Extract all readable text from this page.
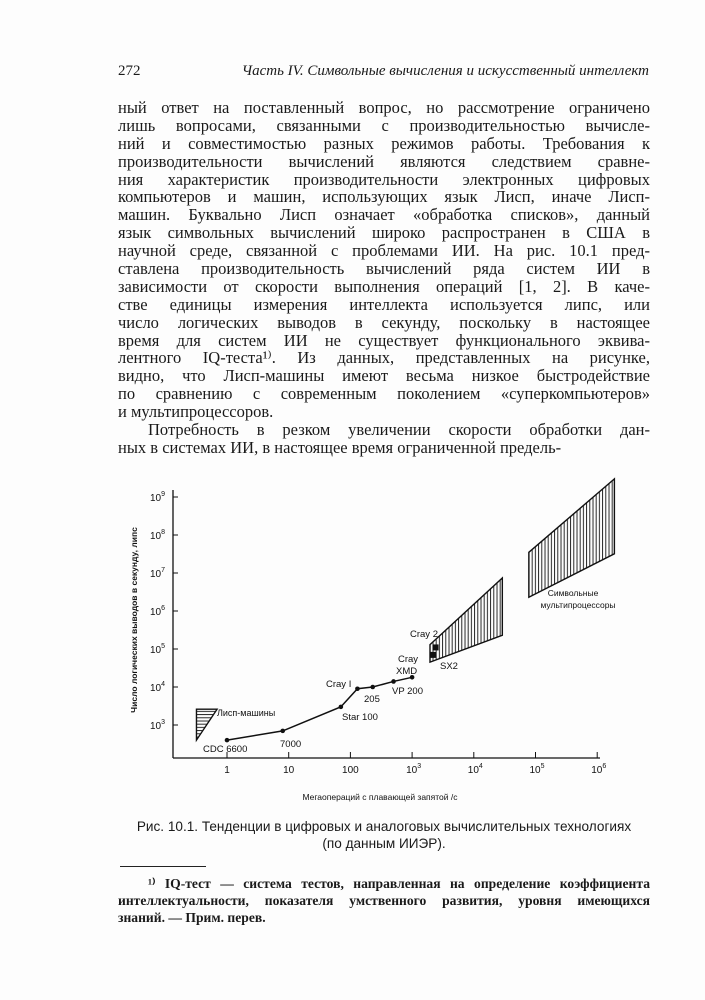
272	Часть IV. Символьные вычисления и искусственный интеллект
ный ответ на поставленный вопрос, но рассмотрение ограничено
лишь вопросами, связанными с производительностью вычисле-
ний и совместимостью разных режимов работы. Требования к
производительности вычислений являются следствием сравне-
ния характеристик производительности электронных цифровых
компьютеров и машин, использующих язык Лисп, иначе Лисп-
машин. Буквально Лисп означает «обработка списков», данный
язык символьных вычислений широко распространен в США в
научной среде, связанной с проблемами ИИ. На рис. 10.1 пред-
ставлена производительность вычислений ряда систем ИИ в
зависимости от скорости выполнения операций [1, 2]. В каче-
стве единицы измерения интеллекта используется липс, или
число логических выводов в секунду, поскольку в настоящее
время для систем ИИ не существует функционального эквива-
лентного IQ-теста¹⁾. Из данных, представленных на рисунке,
видно, что Лисп-машины имеют весьма низкое быстродействие
по сравнению с современным поколением «суперкомпьютеров»
и мультипроцессоров.
Потребность в резком увеличении скорости обработки дан-
ных в системах ИИ, в настоящее время ограниченной предель-
1	10	100	$10^3$	$10^4$	$10^5$	$10^6$
$10^3$
$10^4$
$10^5$
$10^6$
$10^7$
$10^8$
$10^9$
Мегаопераций с плавающей запятой /с
Число логических выводов в секунду, липс
CDC 6600	7000
Star 100
Cray I
205
VP 200
Cray
XMD
Cray 2
SX2
Лисп-машины
Символьные
мультипроцессоры
Рис. 10.1. Тенденции в цифровых и аналоговых вычислительных технологиях
(по данным ИИЭР).
¹⁾ IQ-тест — система тестов, направленная на определение коэффициента
интеллектуальности, показателя умственного развития, уровня имеющихся
знаний. — Прим. перев.
